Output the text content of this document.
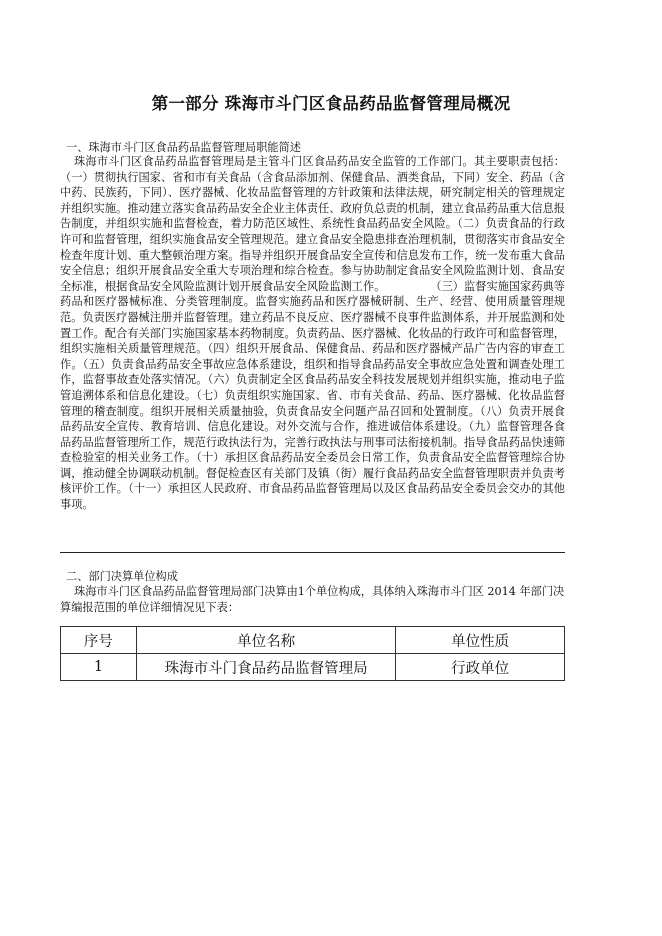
第一部分 珠海市斗门区食品药品监督管理局概况
一、珠海市斗门区食品药品监督管理局职能简述
珠海市斗门区食品药品监督管理局是主管斗门区食品药品安全监管的工作部门。其主要职责包括：（一）贯彻执行国家、省和市有关食品（含食品添加剂、保健食品、酒类食品，下同）安全、药品（含中药、民族药，下同）、医疗器械、化妆品监督管理的方针政策和法律法规，研究制定相关的管理规定并组织实施。推动建立落实食品药品安全企业主体责任、政府负总责的机制，建立食品药品重大信息报告制度，并组织实施和监督检查，着力防范区域性、系统性食品药品安全风险。（二）负责食品的行政许可和监督管理，组织实施食品安全管理规范。建立食品安全隐患排查治理机制，贯彻落实市食品安全检查年度计划、重大整顿治理方案。指导并组织开展食品安全宣传和信息发布工作，统一发布重大食品安全信息；组织开展食品安全重大专项治理和综合检查。参与协助制定食品安全风险监测计划、食品安全标准，根据食品安全风险监测计划开展食品安全风险监测工作。　　　　　（三）监督实施国家药典等药品和医疗器械标准、分类管理制度。监督实施药品和医疗器械研制、生产、经营、使用质量管理规范。负责医疗器械注册并监督管理。建立药品不良反应、医疗器械不良事件监测体系，并开展监测和处置工作。配合有关部门实施国家基本药物制度。负责药品、医疗器械、化妆品的行政许可和监督管理，组织实施相关质量管理规范。（四）组织开展食品、保健食品、药品和医疗器械产品广告内容的审查工作。（五）负责食品药品安全事故应急体系建设，组织和指导食品药品安全事故应急处置和调查处理工作，监督事故查处落实情况。（六）负责制定全区食品药品安全科技发展规划并组织实施，推动电子监管追溯体系和信息化建设。（七）负责组织实施国家、省、市有关食品、药品、医疗器械、化妆品监督管理的稽查制度。组织开展相关质量抽验，负责食品安全问题产品召回和处置制度。（八）负责开展食品药品安全宣传、教育培训、信息化建设。对外交流与合作，推进诚信体系建设。（九）监督管理各食品药品监督管理所工作，规范行政执法行为，完善行政执法与刑事司法衔接机制。指导食品药品快速筛查检验室的相关业务工作。（十）承担区食品药品安全委员会日常工作，负责食品安全监督管理综合协调，推动健全协调联动机制。督促检查区有关部门及镇（街）履行食品药品安全监督管理职责并负责考核评价工作。（十一）承担区人民政府、市食品药品监督管理局以及区食品药品安全委员会交办的其他事项。
二、部门决算单位构成
珠海市斗门区食品药品监督管理局部门决算由1个单位构成，具体纳入珠海市斗门区 2014 年部门决算编报范围的单位详细情况见下表：
序号	单位名称	单位性质
1	珠海市斗门食品药品监督管理局	行政单位
